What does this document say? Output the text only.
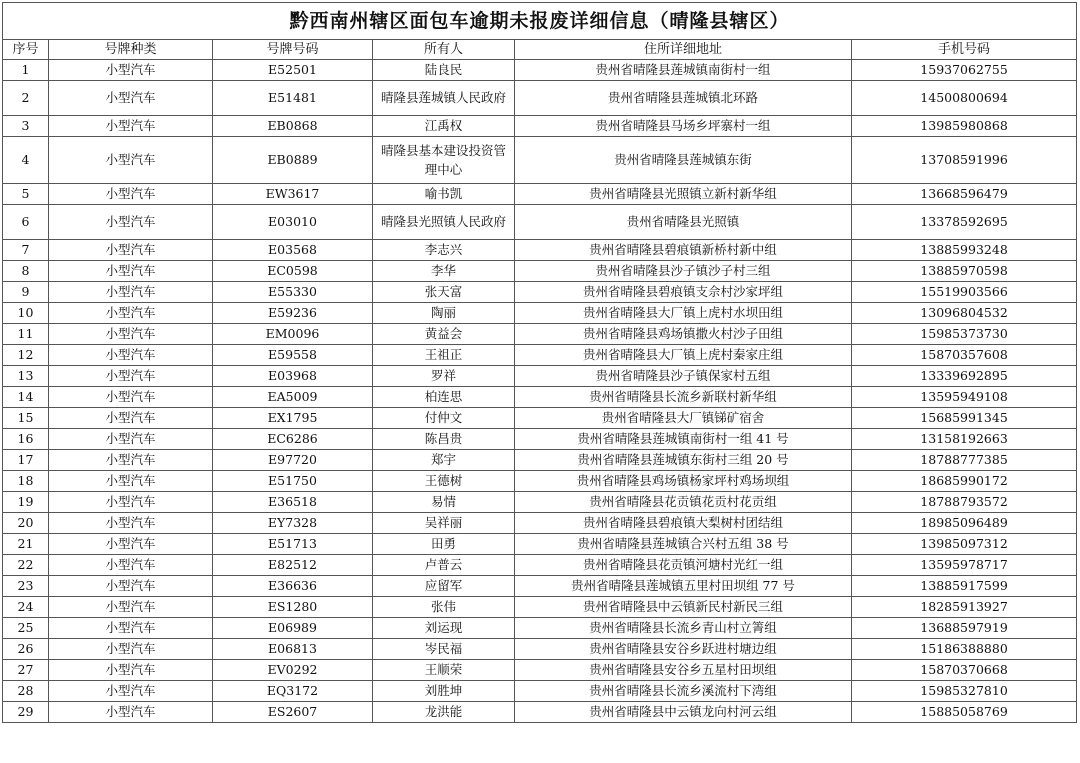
黔西南州辖区面包车逾期未报废详细信息（晴隆县辖区）					
序号	号牌种类	号牌号码	所有人	住所详细地址	手机号码
1	小型汽车	E52501	陆良民	贵州省晴隆县莲城镇南街村一组	15937062755
2	小型汽车	E51481	晴隆县莲城镇人民政府	贵州省晴隆县莲城镇北环路	14500800694
3	小型汽车	EB0868	江禹权	贵州省晴隆县马场乡坪寨村一组	13985980868
4	小型汽车	EB0889	晴隆县基本建设投资管理中心	贵州省晴隆县莲城镇东街	13708591996
5	小型汽车	EW3617	喻书凯	贵州省晴隆县光照镇立新村新华组	13668596479
6	小型汽车	E03010	晴隆县光照镇人民政府	贵州省晴隆县光照镇	13378592695
7	小型汽车	E03568	李志兴	贵州省晴隆县碧痕镇新桥村新中组	13885993248
8	小型汽车	EC0598	李华	贵州省晴隆县沙子镇沙子村三组	13885970598
9	小型汽车	E55330	张天富	贵州省晴隆县碧痕镇支佘村沙家坪组	15519903566
10	小型汽车	E59236	陶丽	贵州省晴隆县大厂镇上虎村水坝田组	13096804532
11	小型汽车	EM0096	黄益会	贵州省晴隆县鸡场镇撒火村沙子田组	15985373730
12	小型汽车	E59558	王祖正	贵州省晴隆县大厂镇上虎村秦家庄组	15870357608
13	小型汽车	E03968	罗祥	贵州省晴隆县沙子镇保家村五组	13339692895
14	小型汽车	EA5009	柏连思	贵州省晴隆县长流乡新联村新华组	13595949108
15	小型汽车	EX1795	付仲文	贵州省晴隆县大厂镇锑矿宿舍	15685991345
16	小型汽车	EC6286	陈昌贵	贵州省晴隆县莲城镇南街村一组 41 号	13158192663
17	小型汽车	E97720	郑宇	贵州省晴隆县莲城镇东街村三组 20 号	18788777385
18	小型汽车	E51750	王德树	贵州省晴隆县鸡场镇杨家坪村鸡场坝组	18685990172
19	小型汽车	E36518	易情	贵州省晴隆县花贡镇花贡村花贡组	18788793572
20	小型汽车	EY7328	吴祥丽	贵州省晴隆县碧痕镇大梨树村团结组	18985096489
21	小型汽车	E51713	田勇	贵州省晴隆县莲城镇合兴村五组 38 号	13985097312
22	小型汽车	E82512	卢普云	贵州省晴隆县花贡镇河塘村光红一组	13595978717
23	小型汽车	E36636	应留军	贵州省晴隆县莲城镇五里村田坝组 77 号	13885917599
24	小型汽车	ES1280	张伟	贵州省晴隆县中云镇新民村新民三组	18285913927
25	小型汽车	E06989	刘运现	贵州省晴隆县长流乡青山村立箐组	13688597919
26	小型汽车	E06813	岑民福	贵州省晴隆县安谷乡跃进村塘边组	15186388880
27	小型汽车	EV0292	王顺荣	贵州省晴隆县安谷乡五星村田坝组	15870370668
28	小型汽车	EQ3172	刘胜坤	贵州省晴隆县长流乡溪流村下湾组	15985327810
29	小型汽车	ES2607	龙洪能	贵州省晴隆县中云镇龙向村河云组	15885058769
